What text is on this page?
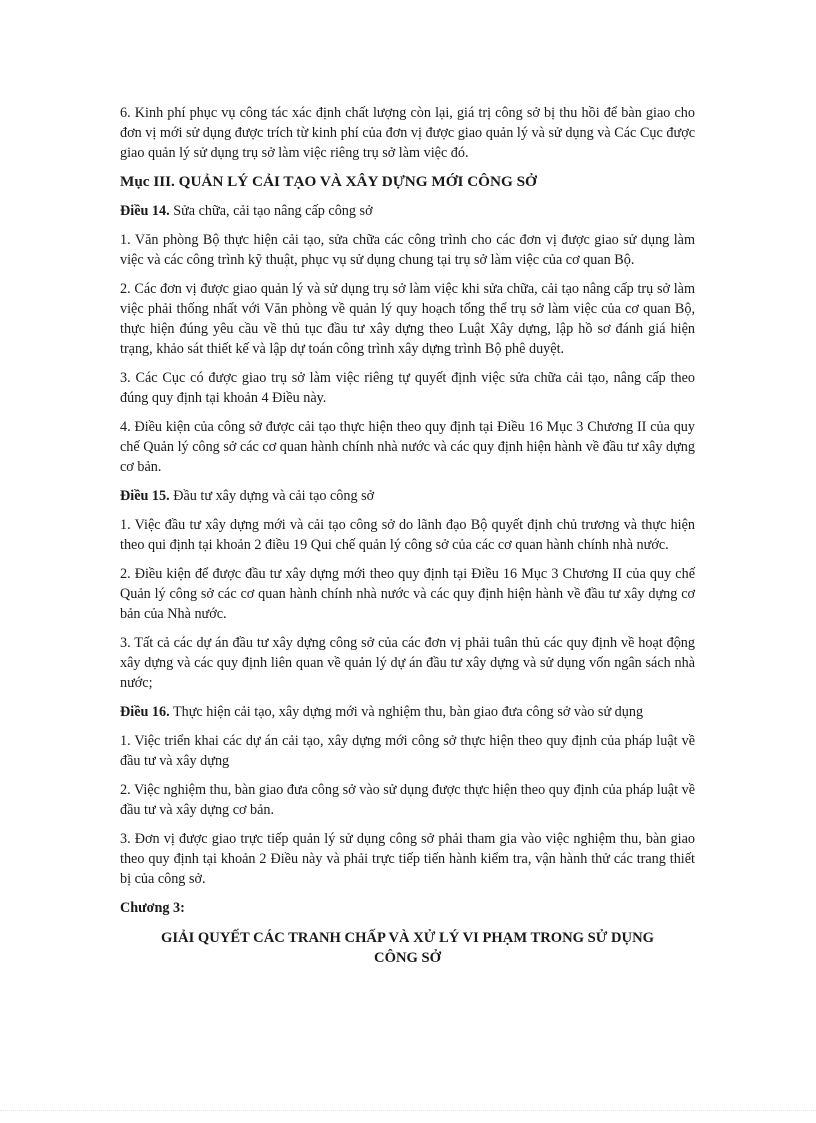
6. Kinh phí phục vụ công tác xác định chất lượng còn lại, giá trị công sở bị thu hồi để bàn giao cho đơn vị mới sử dụng được trích từ kinh phí của đơn vị được giao quản lý và sử dụng và Các Cục được giao quản lý sử dụng trụ sở làm việc riêng trụ sở làm việc đó.

Mục III. QUẢN LÝ CẢI TẠO VÀ XÂY DỰNG MỚI CÔNG SỞ

Điều 14. Sửa chữa, cải tạo nâng cấp công sở

1. Văn phòng Bộ thực hiện cải tạo, sửa chữa các công trình cho các đơn vị được giao sử dụng làm việc và các công trình kỹ thuật, phục vụ sử dụng chung tại trụ sở làm việc của cơ quan Bộ.

2. Các đơn vị được giao quản lý và sử dụng trụ sở làm việc khi sửa chữa, cải tạo nâng cấp trụ sở làm việc phải thống nhất với Văn phòng về quản lý quy hoạch tổng thể trụ sở làm việc của cơ quan Bộ, thực hiện đúng yêu cầu về thủ tục đầu tư xây dựng theo Luật Xây dựng, lập hồ sơ đánh giá hiện trạng, khảo sát thiết kế và lập dự toán công trình xây dựng trình Bộ phê duyệt.

3. Các Cục có được giao trụ sở làm việc riêng tự quyết định việc sửa chữa cải tạo, nâng cấp theo đúng quy định tại khoản 4 Điều này.

4. Điều kiện của công sở được cải tạo thực hiện theo quy định tại Điều 16 Mục 3 Chương II của quy chế Quản lý công sở các cơ quan hành chính nhà nước và các quy định hiện hành về đầu tư xây dựng cơ bản.

Điều 15. Đầu tư xây dựng và cải tạo công sở

1. Việc đầu tư xây dựng mới và cải tạo công sở do lãnh đạo Bộ quyết định chủ trương và thực hiện theo qui định tại khoản 2 điều 19 Qui chế quản lý công sở của các cơ quan hành chính nhà nước.

2. Điều kiện để được đầu tư xây dựng mới theo quy định tại Điều 16 Mục 3 Chương II của quy chế Quản lý công sở các cơ quan hành chính nhà nước và các quy định hiện hành về đầu tư xây dựng cơ bản của Nhà nước.

3. Tất cả các dự án đầu tư xây dựng công sở của các đơn vị phải tuân thủ các quy định về hoạt động xây dựng và các quy định liên quan về quản lý dự án đầu tư xây dựng và sử dụng vốn ngân sách nhà nước;

Điều 16. Thực hiện cải tạo, xây dựng mới và nghiệm thu, bàn giao đưa công sở vào sử dụng

1. Việc triển khai các dự án cải tạo, xây dựng mới công sở thực hiện theo quy định của pháp luật về đầu tư và xây dựng

2. Việc nghiệm thu, bàn giao đưa công sở vào sử dụng được thực hiện theo quy định của pháp luật về đầu tư và xây dựng cơ bản.

3. Đơn vị được giao trực tiếp quản lý sử dụng công sở phải tham gia vào việc nghiệm thu, bàn giao theo quy định tại khoản 2 Điều này và phải trực tiếp tiến hành kiểm tra, vận hành thử các trang thiết bị của công sở.

Chương 3:

GIẢI QUYẾT CÁC TRANH CHẤP VÀ XỬ LÝ VI PHẠM TRONG SỬ DỤNG

CÔNG SỞ
